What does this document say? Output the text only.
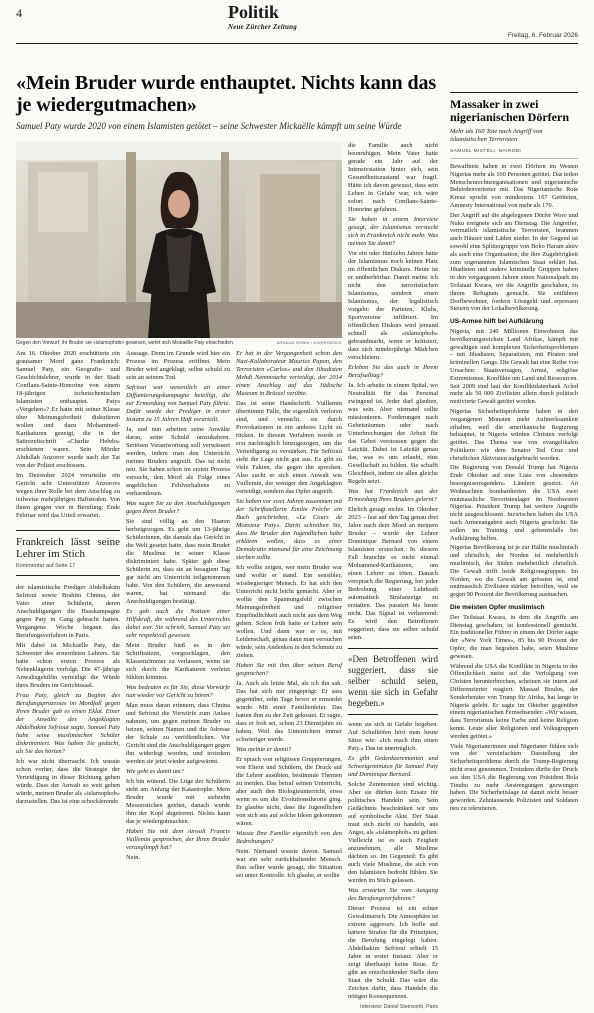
4	Politik
Neue Zürcher Zeitung
Freitag, 6. Februar 2026
«Mein Bruder wurde enthauptet. Nichts kann das je wiedergutmachen»
Samuel Paty wurde 2020 von einem Islamisten getötet – seine Schwester Mickaëlle kämpft um seine Würde
Gegen den Vorwurf, ihr Bruder sei «islamophob» gewesen, wehrt sich Mickaëlle Paty entschieden.	ARNAUD ROBIN / DIVERGENCE

Am 16. Oktober 2020 erschütterte ein grausamer Mord ganz Frankreich: Samuel Paty, ein Geografie- und Geschichtslehrer, wurde in der Stadt Conflans-Sainte-Honorine von einem 18-jährigen tschetschenischen Islamisten enthauptet. Patys «Vergehen»? Er hatte mit seiner Klasse über Meinungsfreiheit diskutieren wollen und dazu Mohammed-Karikaturen gezeigt, die in der Satirezeitschrift «Charlie Hebdo» erschienen waren. Sein Mörder Abdullah Anzorov wurde nach der Tat von der Polizei erschossen.

Im Dezember 2024 verurteilte ein Gericht acht Unterstützer Anzorovs wegen ihrer Rolle bei dem Anschlag zu teilweise mehrjährigen Haftstrafen. Von ihnen gingen vier in Berufung; Ende Februar wird das Urteil erwartet.

Frankreich lässt seine Lehrer im Stich
Kommentar auf Seite 17

der islamistische Prediger Abdelhakim Sefrioui sowie Brahim Chnina, der Vater einer Schülerin, deren Anschuldigungen die Hasskampagne gegen Paty in Gang gebracht hatten. Vergangene Woche begann das Berufungsverfahren in Paris.

Mit dabei ist Mickaëlle Paty, die Schwester des ermordeten Lehrers. Sie hatte schon ersten Prozess als Nebenklägerin verfolgt. Die 47-jährige Anwaltsgehilfin verteidigt die Würde ihres Bruders im Gerichtssaal.

Frau Paty, gleich zu Beginn des Berufungsprozesses im Mordfall gegen Ihren Bruder gab es einen Eklat. Einer der Anwälte des Angeklagten Abdelhakim Sefrioui sagte, Samuel Paty habe seine muslimischen Schüler diskriminiert. Was haben Sie gedacht, als Sie das hörten?

Ich war nicht überrascht. Ich wusste schon vorher, dass die Strategie der Verteidigung in dieser Richtung gehen würde. Dass der Anwalt so weit gehen würde, meinen Bruder als «islamophob» darzustellen. Das ist eine schockierende

Aussage. Denn im Grunde wird hier ein Prozess im Prozess eröffnet. Mein Bruder wird angeklagt, selbst schuld zu sein an seinem Tod.

Sefrioui war wesentlich an einer Diffamierungskampagne beteiligt, die zur Ermordung von Samuel Paty führte. Dafür wurde der Prediger in erster Instanz zu 15 Jahren Haft verurteilt.

Ja, und nun arbeiten seine Anwälte daran, seine Schuld umzukehren. Seriösen Verantwortung soll verwässert werden, indem man den Unterricht meines Bruders angreift. Das ist nicht neu. Sie haben schon im ersten Prozess versucht, den Mord als Folge eines angeblichen Fehlverhaltens zu verharmlosen.

Was sagen Sie zu den Anschuldigungen gegen Ihren Bruder?

Sie sind völlig an den Haaren herbeigezogen. Es geht um 13-jährige Schülerinnen, die damals das Gericht in die Welt gesetzt hatte, dass mein Bruder die Muslime in seiner Klasse diskriminiert habe. Später gab diese Schülerin zu, dass sie an besagtem Tag gar nicht am Unterricht teilgenommen habe. Von den Schülern, die anwesend waren, hat niemand die Anschuldigungen bestätigt.

Es gab auch die Notizen einer Hilfskraft, die während des Unterrichts dabei war. Sie schrieb, Samuel Paty sei sehr respektvoll gewesen.

Mein Bruder hieß es in den Schriftsätzen, vorgeschlagen, den Klassenzimmer zu verlassen, wenn sie sich durch die Karikaturen verletzt fühlten könnten.

Was bedeuten es für Sie, diese Vorwürfe nun wieder vor Gericht zu hören?

Man muss daran erinnern, dass Chnina und Sefrioui die Vorwürfe zum Anlass nahmen, um gegen meinen Bruder zu hetzen, seinen Namen und die Adresse der Schule zu veröffentlichen. Vor Gericht sind die Anschuldigungen gegen ihn widerlegt worden, und trotzdem werden sie jetzt wieder aufgewärmt.

Wie geht es damit um?

Ich bin wütend. Die Lüge der Schülerin steht am Anfang der Katastrophe. Mein Bruder wurde mit siebzehn Messerstichen getötet, danach wurde ihm der Kopf abgetrennt. Nichts kann das je wiedergutmachen.

Haben Sie mit dem Anwalt Francis Vuillemin gesprochen, der Ihren Bruder verunglimpft hat?

Nein.

Er hat in der Vergangenheit schon den Nazi-Kollaborateur Maurice Papon, den Terroristen «Carlos» und den Jihadisten Mehdi Nemmouche verteidigt, der 2014 einen Anschlag auf das Jüdische Museum in Brüssel verübte.

Das ist seine Handschrift. Vuillemin übernimmt Fälle, die eigentlich verloren sind, und versucht, sie durch Provokationen in ein anderes Licht zu rücken. In diesem Verfahren wurde er erst nachträglich hinzugezogen, um die Verteidigung zu verstärken. Für Sefrioui sieht die Lage nicht gut aus. Es gibt zu viele Fakten, die gegen ihn sprechen. Also sucht er sich einen Anwalt wie Vuillemin, der weniger den Angeklagten verteidigt, sondern das Opfer angreift.

Sie haben vor zwei Jahren zusammen mit der Schriftstellerin Émilie Frèche ein Buch geschrieben, «Le Cours de Monsieur Paty». Darin schreiben Sie, dass Ihr Bruder den Jugendlichen habe erklären wollen, dass es einer Demokratie niemand für eine Zeichnung sterben sollte.

Ich wollte zeigen, wer mein Bruder war und wofür er stand. Ein sensibler, wissbegieriger Mensch. Er hat sich den Unterricht nicht leicht gemacht. Aber er wollte den Spannungsfeld zwischen Meinungsfreiheit und religiöser Empfindlichkeit auch nicht aus dem Weg gehen. Schon früh hatte er Lehrer sein wollen. Und dann war er es, mit Leidenschaft, genau dann man versuchen würde, sein Andenken in den Schmutz zu ziehen.

Haben Sie mit ihm über seinen Beruf gesprochen?

Ja. Auch als letzte Mal, als ich ihn sah. Das hat sich mir eingeprägt: Er sass gegenüber, zehn Tage bevor er ermordet wurde. Mit einer Familienfeier. Das hatten ihm zu der Zeit gekostet. Er sagte, dass er froh sei, schon 23 Dienstjahre zu haben. Weil das Unterrichten immer schwieriger werde.

Was meinte er damit?

Er sprach von religiösen Gruppierungen, von Eltern und Schülern, die Druck auf die Lehrer ausübten, bestimmte Themen zu meiden. Das betraf seinen Unterricht, aber auch den Biologieunterricht, etwa wenn es um die Evolutionstheorie ging. Er glaubte nicht, dass die Jugendlichen von sich aus auf solche Ideen gekommen wären.

Wusste Ihre Familie eigentlich von den Bedrohungen?

Nein. Niemand wusste davon. Samuel war ein sehr zurückhaltender Mensch. Ihm selber wurde gesagt, die Situation sei unter Kontrolle. Ich glaube, er wollte

die Familie auch nicht beunruhigen. Mein Vater hatte gerade ein Jahr auf der Intensivstation hinter sich, sein Gesundheitszustand war fragil. Hätte ich davon gewusst, dass sein Leben in Gefahr war, ich wäre sofort nach Conflans-Sainte-Honorine gefahren.

Sie haben in einem Interview gesagt, der Islamismus versteckt sich in Frankreich nicht mehr. Was meinen Sie damit?

Vor ein oder fünfzehn Jahren hatte der Islamismus noch keinen Platz im öffentlichen Diskurs. Heute ist er unüberhörbar. Damit meine ich nicht den terroristischen Islamismus, sondern einen Islamismus, der legalistisch vorgeht: der Parteien, Klubs, Sportvereine infiltriert. Im öffentlichen Diskurs wird jemand schnell als «islamophob» gebrandmarkt, wenn er kritisiert, dass sich minderjährige Mädchen verschleiern.

Erleben Sie das auch in Ihrem Berufsalltag?

Ja. Ich arbeite in einem Spital, wo Neutralität für das Personal zwingend ist. Jeder darf glauben, was sein. Aber niemand sollte missionieren. Forderungen nach Gebetsräumen oder nach Unterbrechungen der Arbeit für das Gebet verstossen gegen die Laizität. Dabei ist Laizität genau das, was es uns erlaubt, eine Gesellschaft zu bilden. Sie schafft Gleichheit, indem sie allen gleiche Regeln setzt.

Was hat Frankreich aus der Ermordung Ihres Bruders gelernt?

Ehrlich gesagt nichts. Im Oktober 2023 – fast auf den Tag genau drei Jahre nach dem Mord an meinem Bruder – wurde der Lehrer Dominique Bernard von einem Islamisten erstochen. In diesem Fall brauchte es nicht einmal Mohammed-Karikaturen, um einen Lehrer zu töten. Danach versprach die Regierung, bei jeder Bedrohung einer Lehrkraft automatisch Strafanzeige zu erstatten. Das passiert bis heute nicht. Das Signal ist verheerend: Es wird den Betroffenen suggeriert, dass sie selber schuld seien.

«Den Betroffenen wird suggeriert, dass sie selber schuld seien, wenn sie sich in Gefahr begeben.»

wenn sie sich in Gefahr begeben. Auf Schulhöfen hört man heute Sätze wie: «Ich mach ihm einen Paty.» Das ist unerträglich.

Es gibt Gedenkzeremonien und Schweigeminuten für Samuel Paty und Dominique Bernard.

Solche Zeremonien sind wichtig. Aber sie dürfen kein Ersatz für politisches Handeln sein. Sein Gedächtnis beschränken wir uns auf symbolische Akte. Der Staat traut sich nicht zu handeln, aus Angst, als «islamophob» zu gelten. Vielleicht ist es auch Feigheit anzunehmen, alle Muslime dächten so. Im Gegenteil: Es gibt auch viele Muslime, die sich von den Islamisten bedroht fühlen. Sie werden im Stich gelassen.

Was erwarten Sie vom Ausgang des Berufungsverfahrens?

Dieser Prozess ist ein echter Gewaltmarsch. Die Atmosphäre ist extrem aggressiv. Ich hoffe auf härtere Strafen für die Prinzipien, die Berufung eingelegt haben. Abdelhakim Sefrioui erhielt 15 Jahre in erster Instanz. Aber er zeigt überhaupt keine Reue. Er gibt an entscheidender Stelle dem Staat die Schuld. Das wäre die Zeichen dafür, dass Handeln die nötigen Konsequenzen.

Interview: Daniel Steinvorth, Paris

Massaker in zwei nigerianischen Dörfern
Mehr als 160 Tote nach Angriff von islamistischen Terroristen
SAMUEL MISTELI, NAIROBI

Bewaffnete haben in zwei Dörfern im Westen Nigerias mehr als 160 Personen getötet. Das teilen Menschenrechtsorganisationen und nigerianische Behördenvertreter mit. Das Nigerianische Rote Kreuz spricht von mindestens 167 Getöteten, Amnesty International von mehr als 170.

Der Angriff auf die abgelegenen Dörfer Woro und Nuku ereignete sich am Dienstag. Die Angreifer, vermutlich islamistische Terroristen, brannten auch Häuser und Läden nieder. In der Gegend ist sowohl eine Splittergruppe von Boko Haram aktiv als auch eine Organisation, die ihre Zugehörigkeit zum sogenannten Islamischen Staat erklärt hat. Jihadisten und andere kriminelle Gruppen haben in den vergangenen Jahren einen Nationalpark im Teilstaat Kwara, wo die Angriffe geschahen, zu ihrem Refugium gemacht. Sie entführen Dorfbewohner, fordern Lösegeld und erpressen Steuern von der Lokalbevölkerung.

US-Armee hilft bei Aufklärung

Nigeria, mit 240 Millionen Einwohnern das bevölkerungsreichste Land Afrikas, kämpft mit gewaltigen und komplexen Sicherheitsproblemen – mit Jihadisten, Separatisten, mit Piraten und kriminellen Gangs. Die Gewalt hat eine Reihe von Ursachen: Staatsversagen, Armut, religiöse Extremismus, Konflikte um Land und Ressourcen. Seit 2009 sind laut der Konfliktdatenbank Acled mehr als 50 000 Zivilisten allein durch politisch motivierte Gewalt getötet worden.

Nigerias Sicherheitsprobleme haben in den vergangenen Monaten mehr Aufmerksamkeit erhalten, weil die amerikanische Regierung behauptet, in Nigeria würden Christen verfolgt getötet. Das Thema war von evangelikalen Politikern wie dem Senator Ted Cruz und christlichen Aktivisten aufgebracht worden.

Die Regierung von Donald Trump hat Nigeria Ende Oktober auf eine Liste von «besonders besorgniserregenden» Ländern gesetzt. An Weihnachten bombardierten die USA zwei mutmassliche Terroristenlager im Nordwesten Nigerias. Präsident Trump hat weitere Angriffe nicht ausgeschlossen. Inzwischen haben die USA nach Armeeangaben auch Nigeria geschickt. Sie sollen im Training und gebenenfalls bei Aufklärung helfen.

Nigerias Bevölkerung ist je zur Hälfte muslimisch und christlich, der Norden ist mehrheitlich muslimisch, der Süden mehrheitlich christlich. Die Gewalt trifft beide Religionsgruppen. Im Norden, wo die Gewalt am grössten ist, sind mutmasslich Zivilisten stärker betroffen, weil sie gegen 90 Prozent der Bevölkerung ausmachen.

Die meisten Opfer muslimisch

Der Teilstaat Kwara, in dem die Angriffe am Dienstag geschahen, ist konfessionell gemischt. Ein traditioneller Führer in einem der Dörfer sagte der «New York Times», 85 bis 90 Prozent der Opfer, die man begraben habe, seien Muslime gewesen.

Während die USA die Konflikte in Nigeria in der Öffentlichkeit meist auf die Verfolgung von Christen herunterbrechen, scheinen sie intern auf Differenzierter reagiert. Massad Boulos, der Sonderberater von Trump für Afrika, hat lange in Nigeria gelebt. Er sagte im Oktober gegenüber einem nigerianischen Fernsehsender: «Wir wissen, dass Terrorismus keine Farbe und keine Religion kennt. Leute aller Religionen und Volksgruppen werden getötet.»

Viele Nigerianerinnen und Nigerianer fühlen sich von der vereinfachten Darstellung der Sicherheitsprobleme durch die Trump-Regierung nicht ernst genommen. Trotzdem dürfte der Druck aus den USA die Regierung von Präsident Bola Tinubu zu mehr Anstrengungen gezwungen haben. Die Sicherheitslage ist damit nicht besser geworden. Zehntausende Polizisten und Soldaten neu zu rekrutieren.
